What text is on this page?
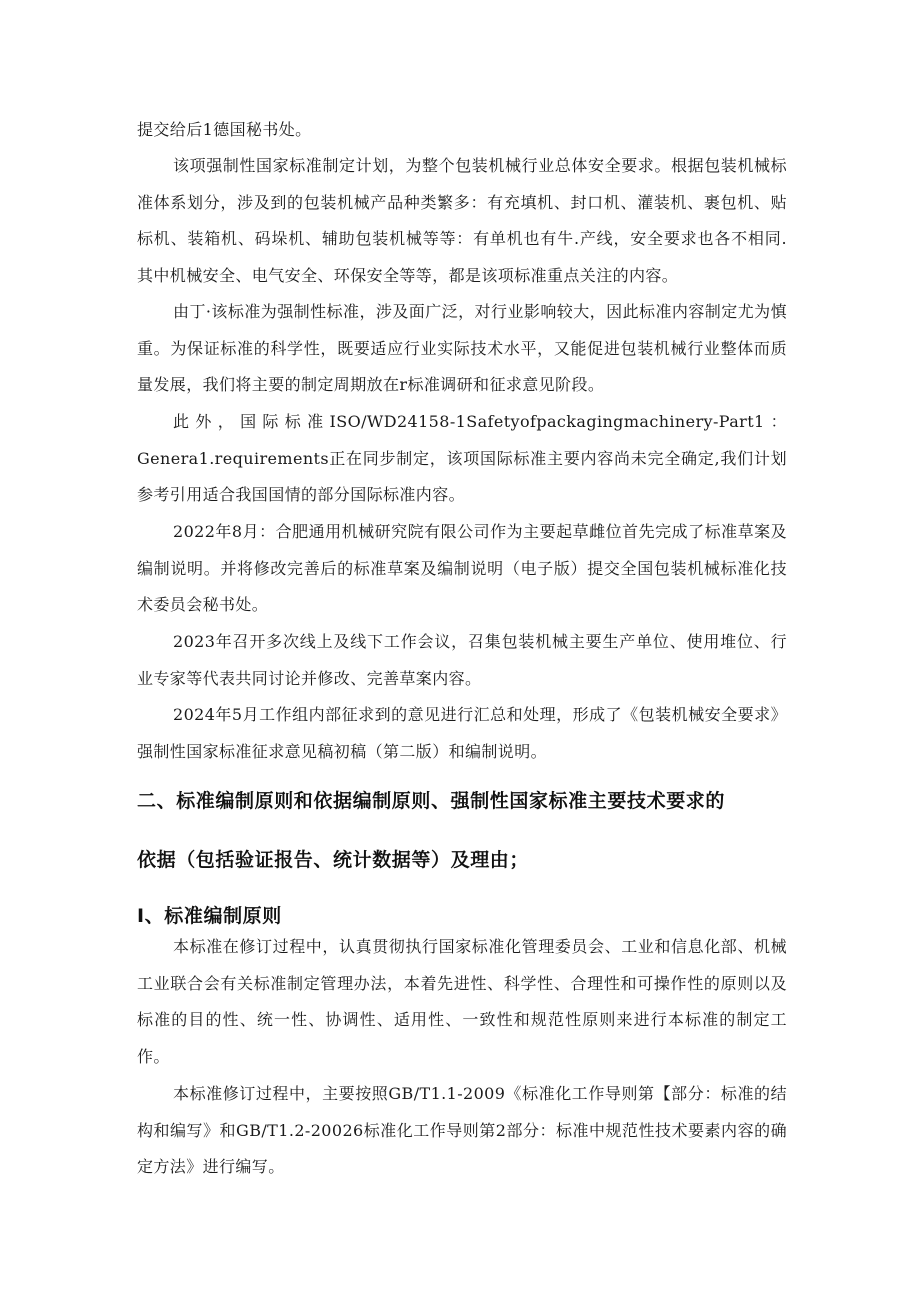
提交给后1德国秘书处。

该项强制性国家标准制定计划，为整个包装机械行业总体安全要求。根据包装机械标准体系划分，涉及到的包装机械产品种类繁多：有充填机、封口机、灌装机、裹包机、贴标机、装箱机、码垛机、辅助包装机械等等：有单机也有牛.产线，安全要求也各不相同.其中机械安全、电气安全、环保安全等等，都是该项标准重点关注的内容。

由丁·该标准为强制性标准，涉及面广泛，对行业影响较大，因此标准内容制定尤为慎重。为保证标准的科学性，既要适应行业实际技术水平，又能促进包装机械行业整体而质量发展，我们将主要的制定周期放在r标准调研和征求意见阶段。

此外，国际标准ISO/WD24158-1Safetyofpackagingmachinery-Part1：Genera1.requirements正在同步制定，该项国际标准主要内容尚未完全确定,我们计划参考引用适合我国国情的部分国际标准内容。

2022年8月：合肥通用机械研究院有限公司作为主要起草雌位首先完成了标准草案及编制说明。并将修改完善后的标准草案及编制说明（电子版）提交全国包装机械标准化技术委员会秘书处。

2023年召开多次线上及线下工作会议，召集包装机械主要生产单位、使用堆位、行业专家等代表共同讨论并修改、完善草案内容。

2024年5月工作组内部征求到的意见进行汇总和处理，形成了《包装机械安全要求》强制性国家标准征求意见稿初稿（第二版）和编制说明。

二、标准编制原则和依据编制原则、强制性国家标准主要技术要求的
依据（包括验证报告、统计数据等）及理由；
I、标准编制原则

本标准在修订过程中，认真贯彻执行国家标准化管理委员会、工业和信息化部、机械工业联合会有关标准制定管理办法，本着先进性、科学性、合理性和可操作性的原则以及标准的目的性、统一性、协调性、适用性、一致性和规范性原则来进行本标准的制定工作。

本标准修订过程中，主要按照GB/T1.1-2009《标准化工作导则第【部分：标准的结构和编写》和GB/T1.2-20026标准化工作导则第2部分：标准中规范性技术要素内容的确定方法》进行编写。
